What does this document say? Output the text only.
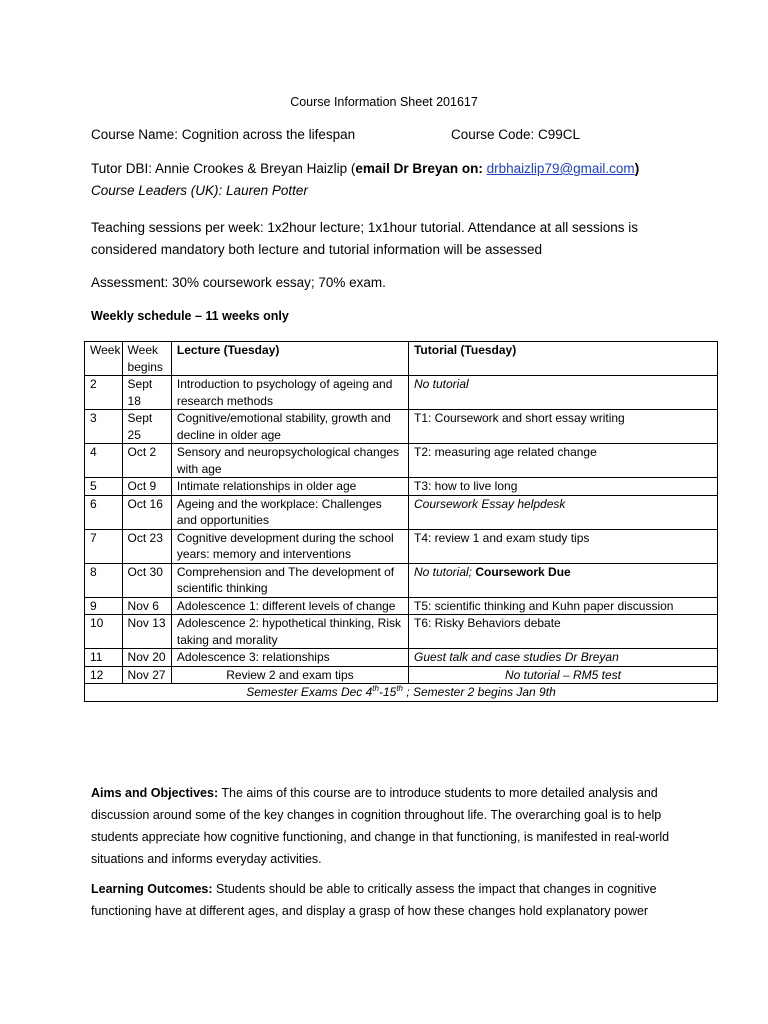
Course Information Sheet 201617
Course Name: Cognition across the lifespan	Course Code: C99CL
Tutor DBI: Annie Crookes & Breyan Haizlip (email Dr Breyan on: drbhaizlip79@gmail.com)
Course Leaders (UK): Lauren Potter
Teaching sessions per week: 1x2hour lecture; 1x1hour tutorial. Attendance at all sessions is considered mandatory both lecture and tutorial information will be assessed
Assessment: 30% coursework essay; 70% exam.
Weekly schedule – 11 weeks only
Week	Week begins	Lecture (Tuesday)	Tutorial (Tuesday)
2	Sept 18	Introduction to psychology of ageing and research methods	No tutorial
3	Sept 25	Cognitive/emotional stability, growth and decline in older age	T1: Coursework and short essay writing
4	Oct 2	Sensory and neuropsychological changes with age	T2: measuring age related change
5	Oct 9	Intimate relationships in older age	T3: how to live long
6	Oct 16	Ageing and the workplace: Challenges and opportunities	Coursework Essay helpdesk
7	Oct 23	Cognitive development during the school years: memory and interventions	T4: review 1 and exam study tips
8	Oct 30	Comprehension and The development of scientific thinking	No tutorial; Coursework Due
9	Nov 6	Adolescence 1: different levels of change	T5: scientific thinking and Kuhn paper discussion
10	Nov 13	Adolescence 2: hypothetical thinking, Risk taking and morality	T6: Risky Behaviors debate
11	Nov 20	Adolescence 3: relationships	Guest talk and case studies Dr Breyan
12	Nov 27	Review 2 and exam tips	No tutorial – RM5 test
Semester Exams Dec 4th-15th ; Semester 2 begins Jan 9th			
Aims and Objectives: The aims of this course are to introduce students to more detailed analysis and discussion around some of the key changes in cognition throughout life. The overarching goal is to help students appreciate how cognitive functioning, and change in that functioning, is manifested in real-world situations and informs everyday activities.
Learning Outcomes: Students should be able to critically assess the impact that changes in cognitive functioning have at different ages, and display a grasp of how these changes hold explanatory power
